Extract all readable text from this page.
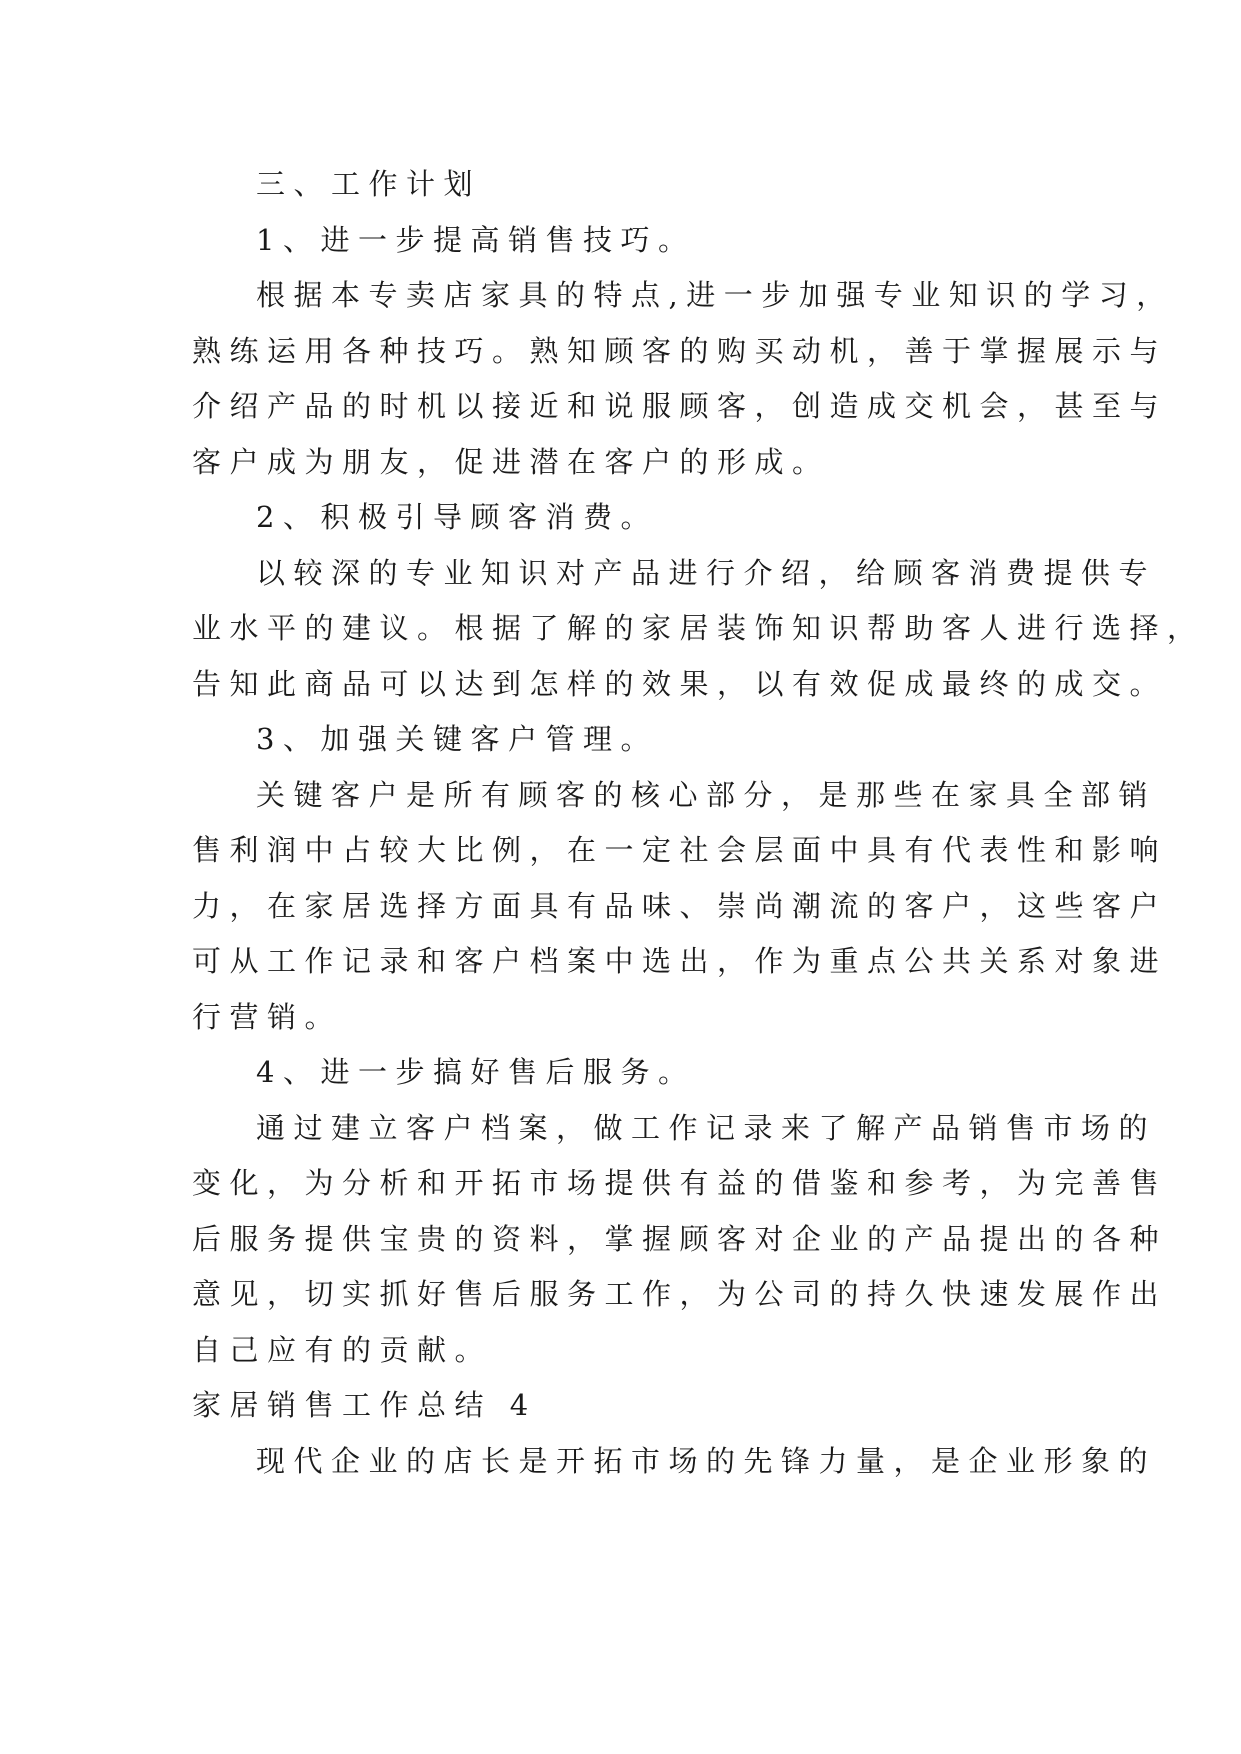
三、工作计划
1、进一步提高销售技巧。
根据本专卖店家具的特点,进一步加强专业知识的学习，
熟练运用各种技巧。熟知顾客的购买动机，善于掌握展示与
介绍产品的时机以接近和说服顾客，创造成交机会，甚至与
客户成为朋友，促进潜在客户的形成。
2、积极引导顾客消费。
以较深的专业知识对产品进行介绍，给顾客消费提供专
业水平的建议。根据了解的家居装饰知识帮助客人进行选择，
告知此商品可以达到怎样的效果，以有效促成最终的成交。
3、加强关键客户管理。
关键客户是所有顾客的核心部分，是那些在家具全部销
售利润中占较大比例，在一定社会层面中具有代表性和影响
力，在家居选择方面具有品味、崇尚潮流的客户，这些客户
可从工作记录和客户档案中选出，作为重点公共关系对象进
行营销。
4、进一步搞好售后服务。
通过建立客户档案，做工作记录来了解产品销售市场的
变化，为分析和开拓市场提供有益的借鉴和参考，为完善售
后服务提供宝贵的资料，掌握顾客对企业的产品提出的各种
意见，切实抓好售后服务工作，为公司的持久快速发展作出
自己应有的贡献。
家居销售工作总结 4
现代企业的店长是开拓市场的先锋力量，是企业形象的
